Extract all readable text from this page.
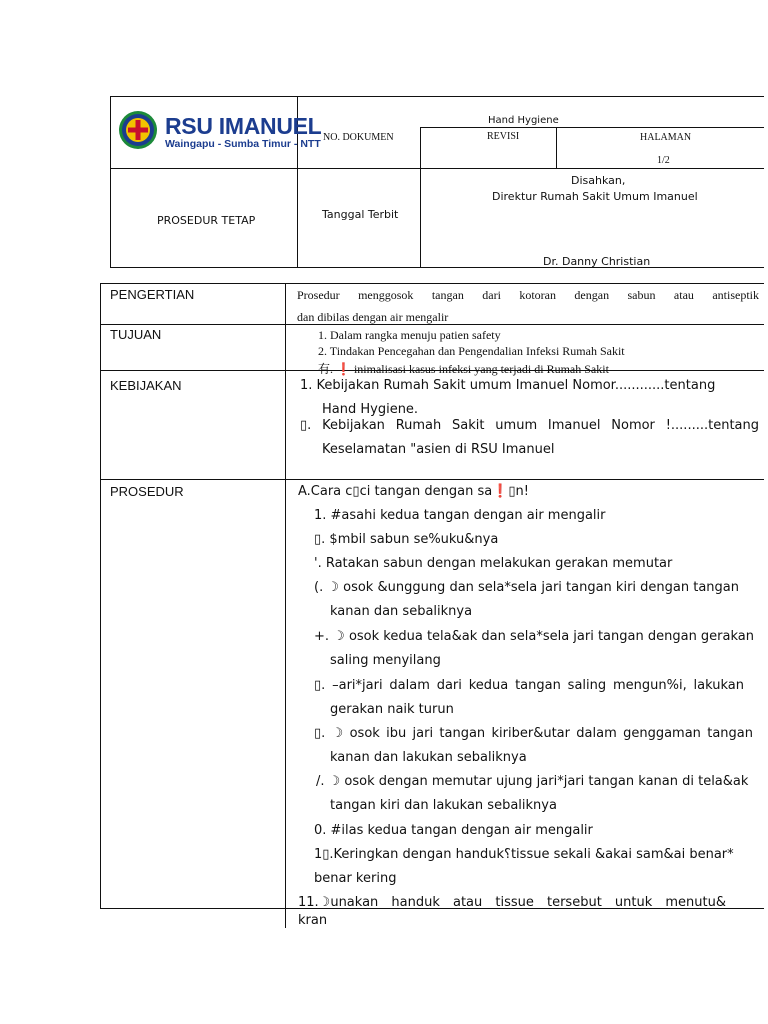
RSU IMANUEL
Waingapu - Sumba Timur - NTT
Hand Hygiene
NO. DOKUMEN	REVISI	HALAMAN
1/2
PROSEDUR TETAP	Tanggal Terbit
Disahkan,
Direktur Rumah Sakit Umum Imanuel
Dr. Danny Christian
PENGERTIAN	Prosedur menggosok tangan dari kotoran dengan sabun atau antiseptik
dan dibilas dengan air mengalir
TUJUAN	1. Dalam rangka menuju patien safety
2. Tindakan Pencegahan dan Pengendalian Infeksi Rumah Sakit
有. ❗ inimalisasi kasus infeksi yang terjadi di Rumah Sakit
KEBIJAKAN	1. Kebijakan Rumah Sakit umum Imanuel Nomor............tentang
Hand Hygiene.
▯. Kebijakan Rumah Sakit umum Imanuel Nomor !.........tentang
Keselamatan "asien di RSU Imanuel
PROSEDUR	A.Cara c▯ci tangan dengan sa❗▯n!
1. #asahi kedua tangan dengan air mengalir
▯. $mbil sabun se%uku&nya
'. Ratakan sabun dengan melakukan gerakan memutar
(. ☽ osok &unggung dan sela*sela jari tangan kiri dengan tangan
kanan dan sebaliknya
+. ☽ osok kedua tela&ak dan sela*sela jari tangan dengan gerakan
saling menyilang
▯. –ari*jari dalam dari kedua tangan saling mengun%i, lakukan
gerakan naik turun
▯. ☽ osok ibu jari tangan kiriber&utar dalam genggaman tangan
kanan dan lakukan sebaliknya
/. ☽ osok dengan memutar ujung jari*jari tangan kanan di tela&ak
tangan kiri dan lakukan sebaliknya
0. #ilas kedua tangan dengan air mengalir
1▯.Keringkan dengan handuk⸮tissue sekali &akai sam&ai benar*
benar kering
11.☽unakan handuk atau tissue tersebut untuk menutu&
kran
